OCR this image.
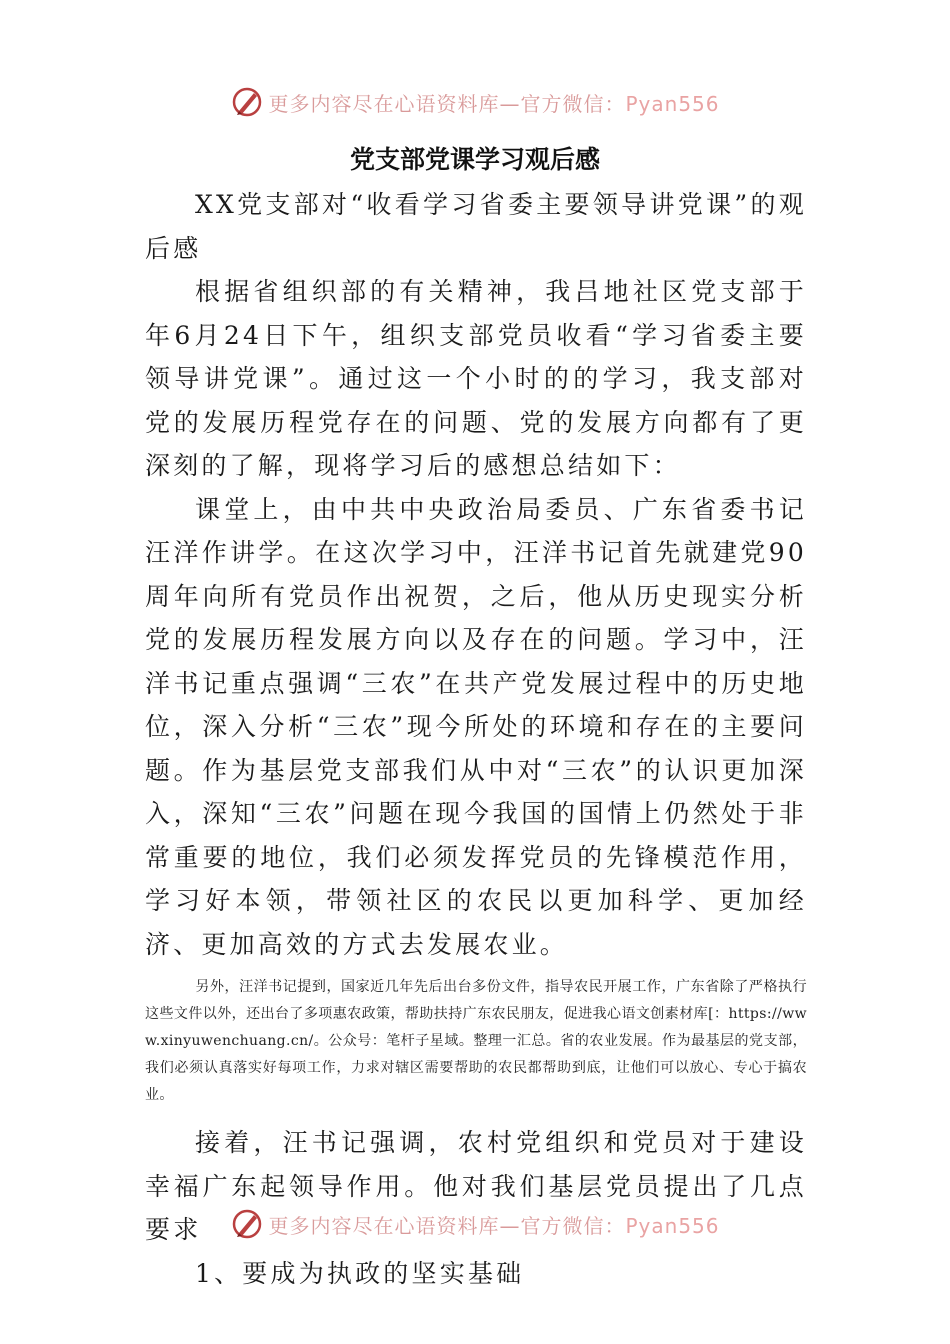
更多内容尽在心语资料库—官方微信：Pyan556
党支部党课学习观后感

XX党支部对“收看学习省委主要领导讲党课”的观后感

根据省组织部的有关精神，我吕地社区党支部于年6月24日下午，组织支部党员收看“学习省委主要领导讲党课”。通过这一个小时的的学习，我支部对党的发展历程党存在的问题、党的发展方向都有了更深刻的了解，现将学习后的感想总结如下：

课堂上，由中共中央政治局委员、广东省委书记汪洋作讲学。在这次学习中，汪洋书记首先就建党90周年向所有党员作出祝贺，之后，他从历史现实分析党的发展历程发展方向以及存在的问题。学习中，汪洋书记重点强调“三农”在共产党发展过程中的历史地位，深入分析“三农”现今所处的环境和存在的主要问题。作为基层党支部我们从中对“三农”的认识更加深入，深知“三农”问题在现今我国的国情上仍然处于非常重要的地位，我们必须发挥党员的先锋模范作用，学习好本领，带领社区的农民以更加科学、更加经济、更加高效的方式去发展农业。

另外，汪洋书记提到，国家近几年先后出台多份文件，指导农民开展工作，广东省除了严格执行这些文件以外，还出台了多项惠农政策，帮助扶持广东农民朋友，促进我心语文创素材库[：https://www.xinyuwenchuang.cn/。公众号：笔杆子星域。整理一汇总。省的农业发展。作为最基层的党支部，我们必须认真落实好每项工作，力求对辖区需要帮助的农民都帮助到底，让他们可以放心、专心于搞农业。

接着，汪书记强调，农村党组织和党员对于建设幸福广东起领导作用。他对我们基层党员提出了几点要求

1、要成为执政的坚实基础

更多内容尽在心语资料库—官方微信：Pyan556
